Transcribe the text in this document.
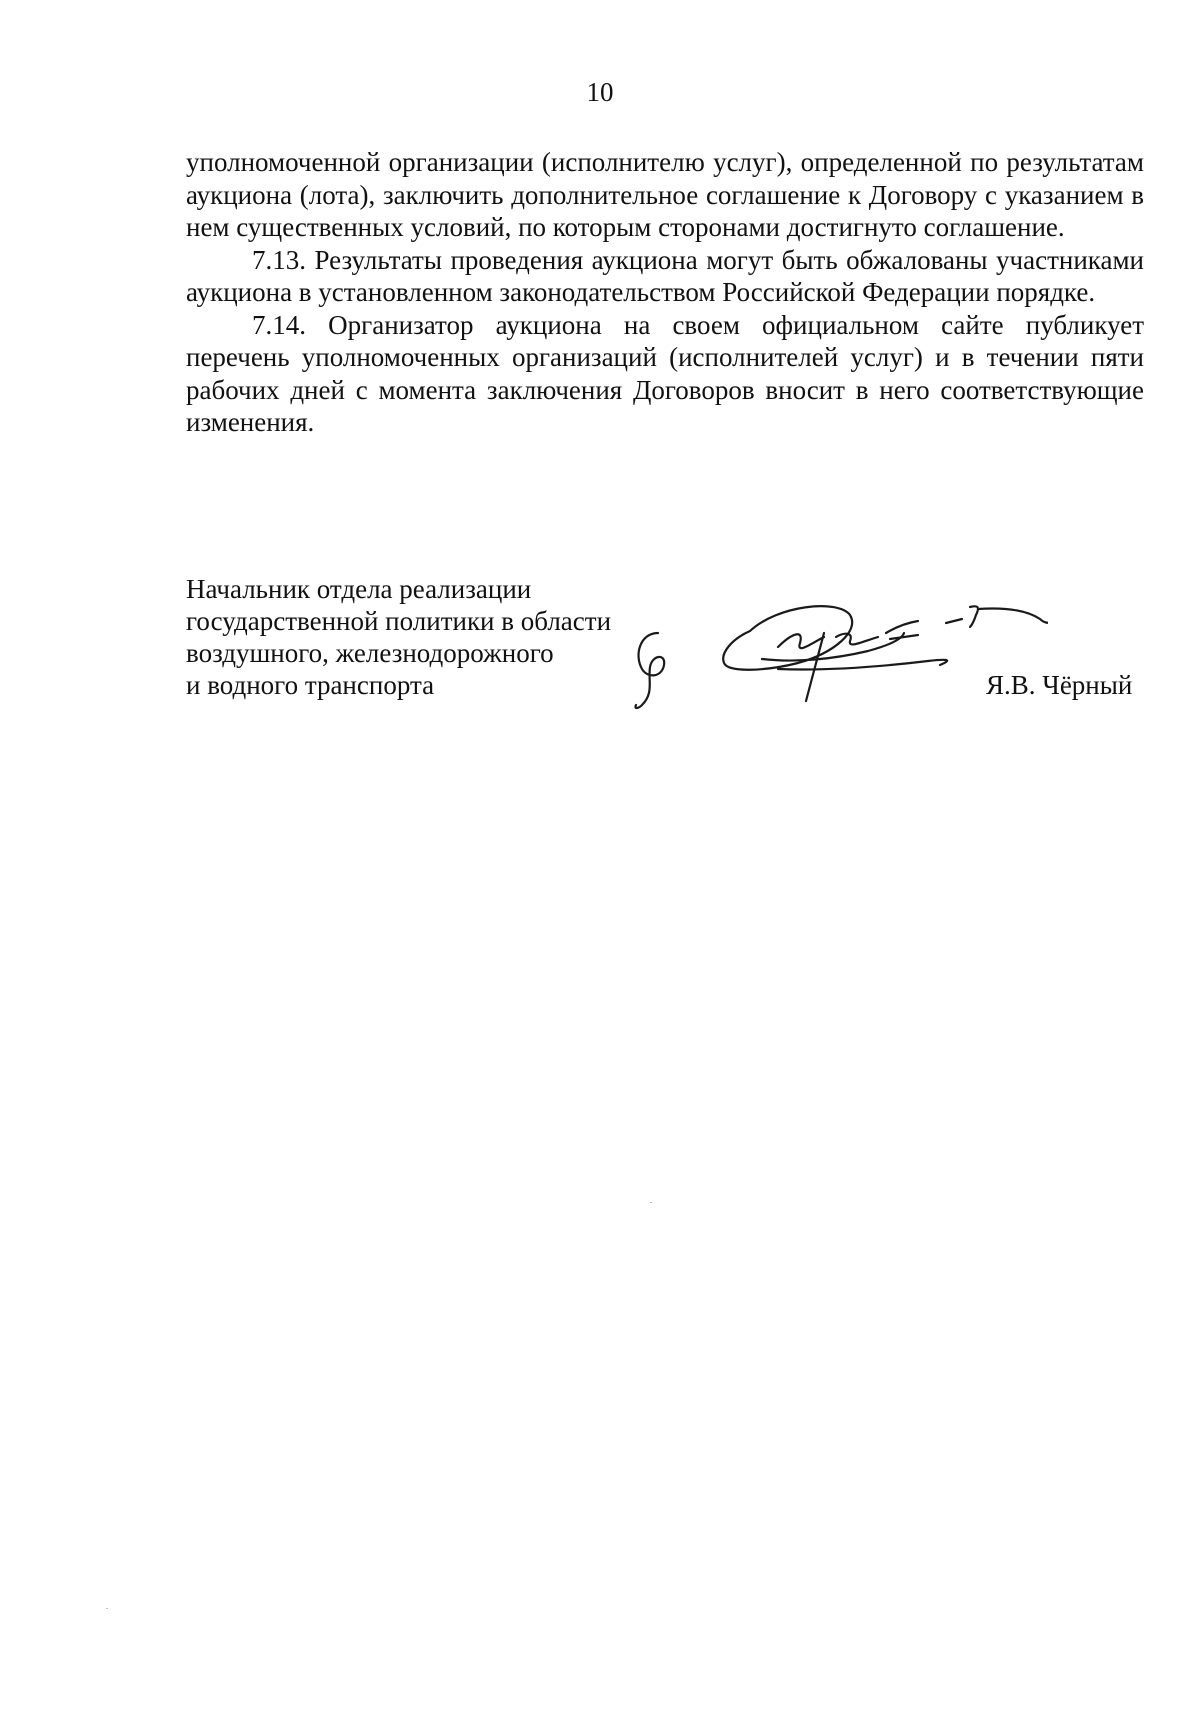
10

уполномоченной организации (исполнителю услуг), определенной по результатам аукциона (лота), заключить дополнительное соглашение к Договору с указанием в нем существенных условий, по которым сторонами достигнуто соглашение.

7.13. Результаты проведения аукциона могут быть обжалованы участниками аукциона в установленном законодательством Российской Федерации порядке.

7.14. Организатор аукциона на своем официальном сайте публикует перечень уполномоченных организаций (исполнителей услуг) и в течении пяти рабочих дней с момента заключения Договоров вносит в него соответствующие изменения.

Начальник отдела реализации
государственной политики в области
воздушного, железнодорожного
и водного транспорта	Я.В. Чёрный
